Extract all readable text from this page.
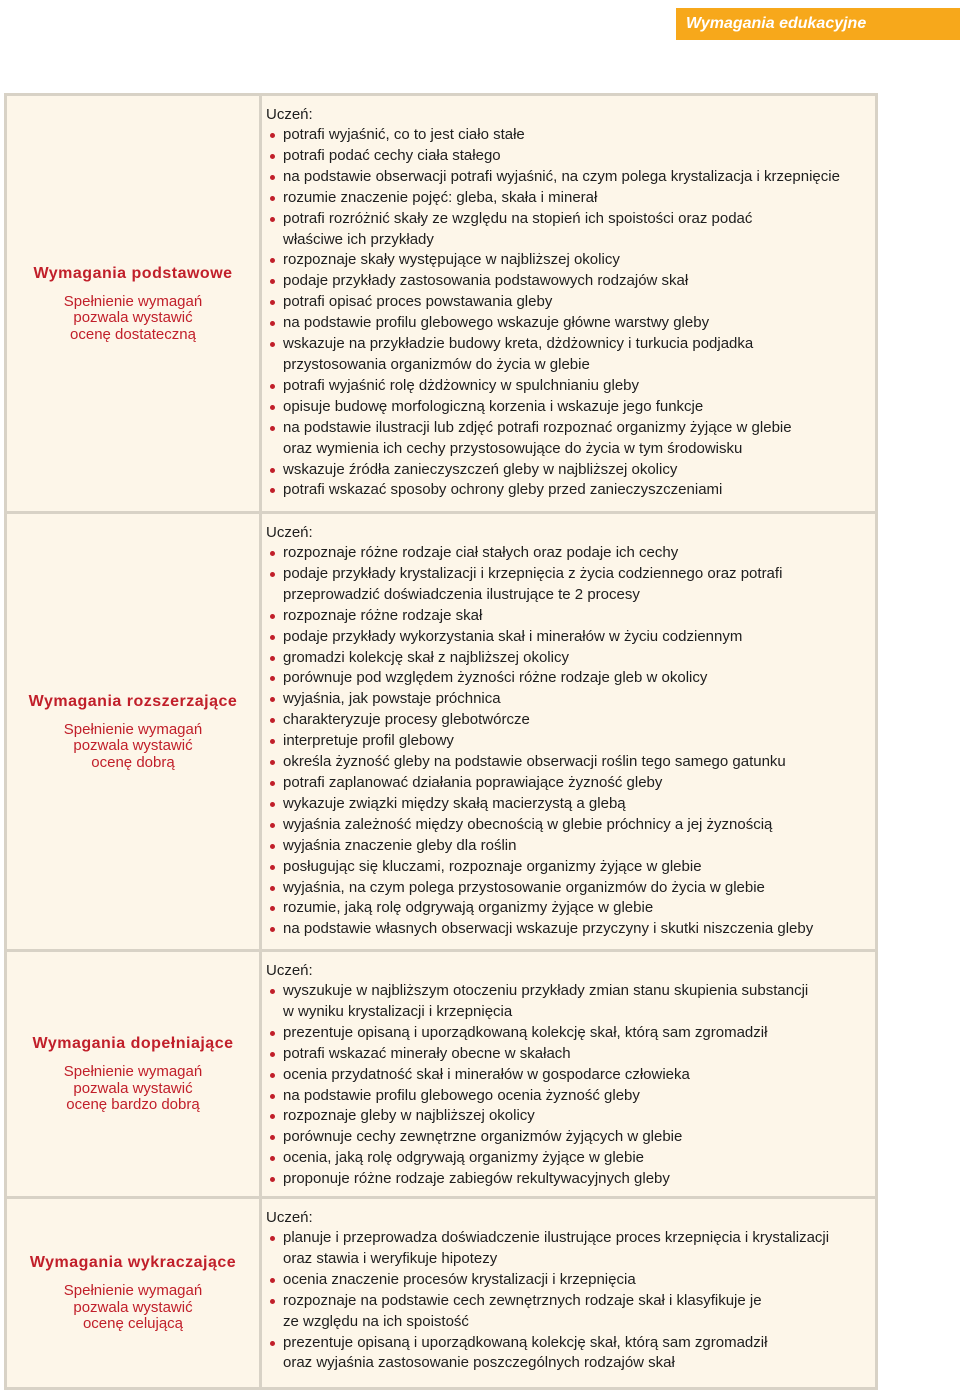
Wymagania edukacyjne
Wymagania podstawowe
Spełnienie wymagań
pozwala wystawić
ocenę dostateczną
Uczeń:
potrafi wyjaśnić, co to jest ciało stałe
potrafi podać cechy ciała stałego
na podstawie obserwacji potrafi wyjaśnić, na czym polega krystalizacja i krzepnięcie
rozumie znaczenie pojęć: gleba, skała i minerał
potrafi rozróżnić skały ze względu na stopień ich spoistości oraz podać
właściwe ich przykłady
rozpoznaje skały występujące w najbliższej okolicy
podaje przykłady zastosowania podstawowych rodzajów skał
potrafi opisać proces powstawania gleby
na podstawie profilu glebowego wskazuje główne warstwy gleby
wskazuje na przykładzie budowy kreta, dżdżownicy i turkucia podjadka
przystosowania organizmów do życia w glebie
potrafi wyjaśnić rolę dżdżownicy w spulchnianiu gleby
opisuje budowę morfologiczną korzenia i wskazuje jego funkcje
na podstawie ilustracji lub zdjęć potrafi rozpoznać organizmy żyjące w glebie
oraz wymienia ich cechy przystosowujące do życia w tym środowisku
wskazuje źródła zanieczyszczeń gleby w najbliższej okolicy
potrafi wskazać sposoby ochrony gleby przed zanieczyszczeniami
Wymagania rozszerzające
Spełnienie wymagań
pozwala wystawić
ocenę dobrą
Uczeń:
rozpoznaje różne rodzaje ciał stałych oraz podaje ich cechy
podaje przykłady krystalizacji i krzepnięcia z życia codziennego oraz potrafi
przeprowadzić doświadczenia ilustrujące te 2 procesy
rozpoznaje różne rodzaje skał
podaje przykłady wykorzystania skał i minerałów w życiu codziennym
gromadzi kolekcję skał z najbliższej okolicy
porównuje pod względem żyzności różne rodzaje gleb w okolicy
wyjaśnia, jak powstaje próchnica
charakteryzuje procesy glebotwórcze
interpretuje profil glebowy
określa żyzność gleby na podstawie obserwacji roślin tego samego gatunku
potrafi zaplanować działania poprawiające żyzność gleby
wykazuje związki między skałą macierzystą a glebą
wyjaśnia zależność między obecnością w glebie próchnicy a jej żyznością
wyjaśnia znaczenie gleby dla roślin
posługując się kluczami, rozpoznaje organizmy żyjące w glebie
wyjaśnia, na czym polega przystosowanie organizmów do życia w glebie
rozumie, jaką rolę odgrywają organizmy żyjące w glebie
na podstawie własnych obserwacji wskazuje przyczyny i skutki niszczenia gleby
Wymagania dopełniające
Spełnienie wymagań
pozwala wystawić
ocenę bardzo dobrą
Uczeń:
wyszukuje w najbliższym otoczeniu przykłady zmian stanu skupienia substancji
w wyniku krystalizacji i krzepnięcia
prezentuje opisaną i uporządkowaną kolekcję skał, którą sam zgromadził
potrafi wskazać minerały obecne w skałach
ocenia przydatność skał i minerałów w gospodarce człowieka
na podstawie profilu glebowego ocenia żyzność gleby
rozpoznaje gleby w najbliższej okolicy
porównuje cechy zewnętrzne organizmów żyjących w glebie
ocenia, jaką rolę odgrywają organizmy żyjące w glebie
proponuje różne rodzaje zabiegów rekultywacyjnych gleby
Wymagania wykraczające
Spełnienie wymagań
pozwala wystawić
ocenę celującą
Uczeń:
planuje i przeprowadza doświadczenie ilustrujące proces krzepnięcia i krystalizacji
oraz stawia i weryfikuje hipotezy
ocenia znaczenie procesów krystalizacji i krzepnięcia
rozpoznaje na podstawie cech zewnętrznych rodzaje skał i klasyfikuje je
ze względu na ich spoistość
prezentuje opisaną i uporządkowaną kolekcję skał, którą sam zgromadził
oraz wyjaśnia zastosowanie poszczególnych rodzajów skał
